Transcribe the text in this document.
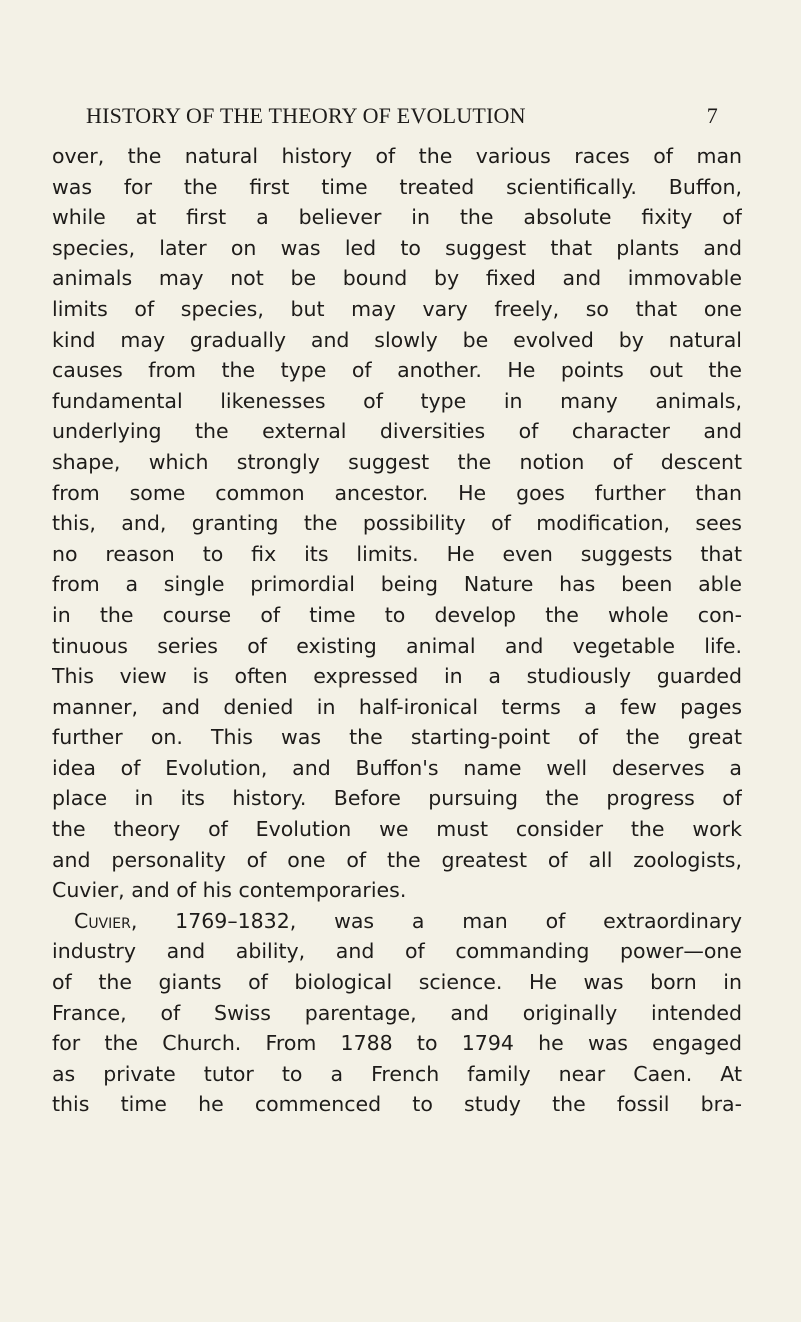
HISTORY OF THE THEORY OF EVOLUTION	7
over, the natural history of the various races of man
was for the first time treated scientifically. Buffon,
while at first a believer in the absolute fixity of
species, later on was led to suggest that plants and
animals may not be bound by fixed and immovable
limits of species, but may vary freely, so that one
kind may gradually and slowly be evolved by natural
causes from the type of another. He points out the
fundamental likenesses of type in many animals,
underlying the external diversities of character and
shape, which strongly suggest the notion of descent
from some common ancestor. He goes further than
this, and, granting the possibility of modification, sees
no reason to fix its limits. He even suggests that
from a single primordial being Nature has been able
in the course of time to develop the whole con-
tinuous series of existing animal and vegetable life.
This view is often expressed in a studiously guarded
manner, and denied in half-ironical terms a few pages
further on. This was the starting-point of the great
idea of Evolution, and Buffon's name well deserves a
place in its history. Before pursuing the progress of
the theory of Evolution we must consider the work
and personality of one of the greatest of all zoologists,
Cuvier, and of his contemporaries.
Cuvier, 1769–1832, was a man of extraordinary
industry and ability, and of commanding power—one
of the giants of biological science. He was born in
France, of Swiss parentage, and originally intended
for the Church. From 1788 to 1794 he was engaged
as private tutor to a French family near Caen. At
this time he commenced to study the fossil bra-
